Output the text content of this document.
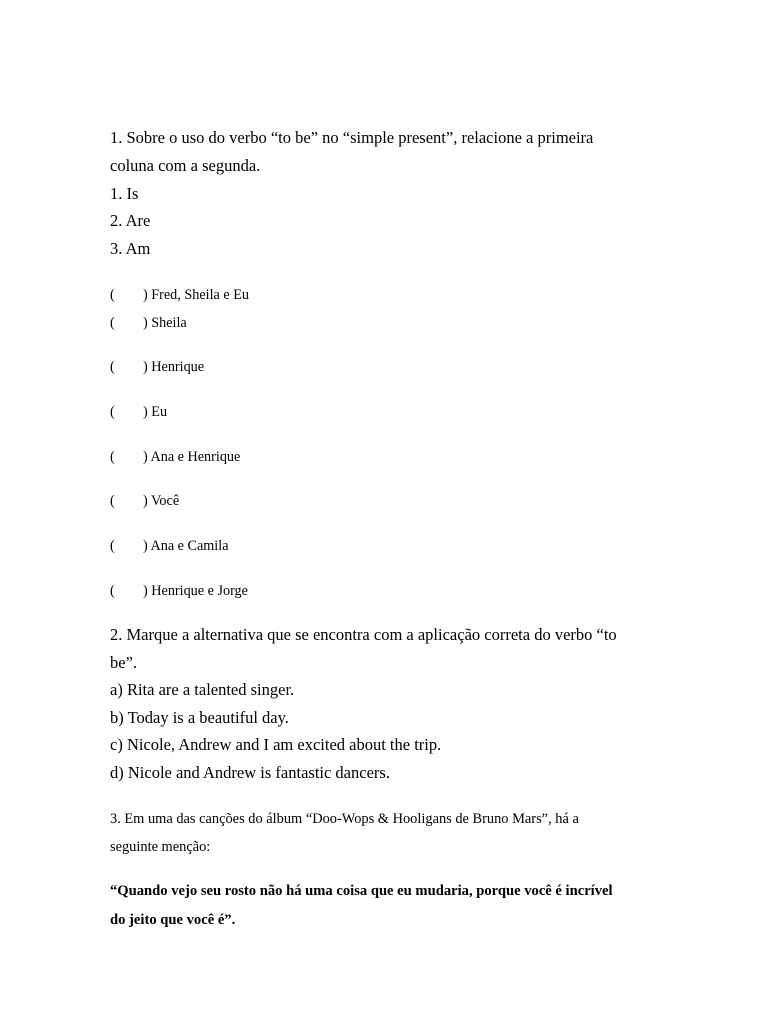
1. Sobre o uso do verbo “to be” no “simple present”, relacione a primeira

coluna com a segunda.

1. Is

2. Are

3. Am

( ) Fred, Sheila e Eu

( ) Sheila

( ) Henrique

( ) Eu

( ) Ana e Henrique

( ) Você

( ) Ana e Camila

( ) Henrique e Jorge

2. Marque a alternativa que se encontra com a aplicação correta do verbo “to

be”.

a) Rita are a talented singer.

b) Today is a beautiful day.

c) Nicole, Andrew and I am excited about the trip.

d) Nicole and Andrew is fantastic dancers.

3. Em uma das canções do álbum “Doo-Wops & Hooligans de Bruno Mars”, há a

seguinte menção:

“Quando vejo seu rosto não há uma coisa que eu mudaria, porque você é incrível

do jeito que você é”.
